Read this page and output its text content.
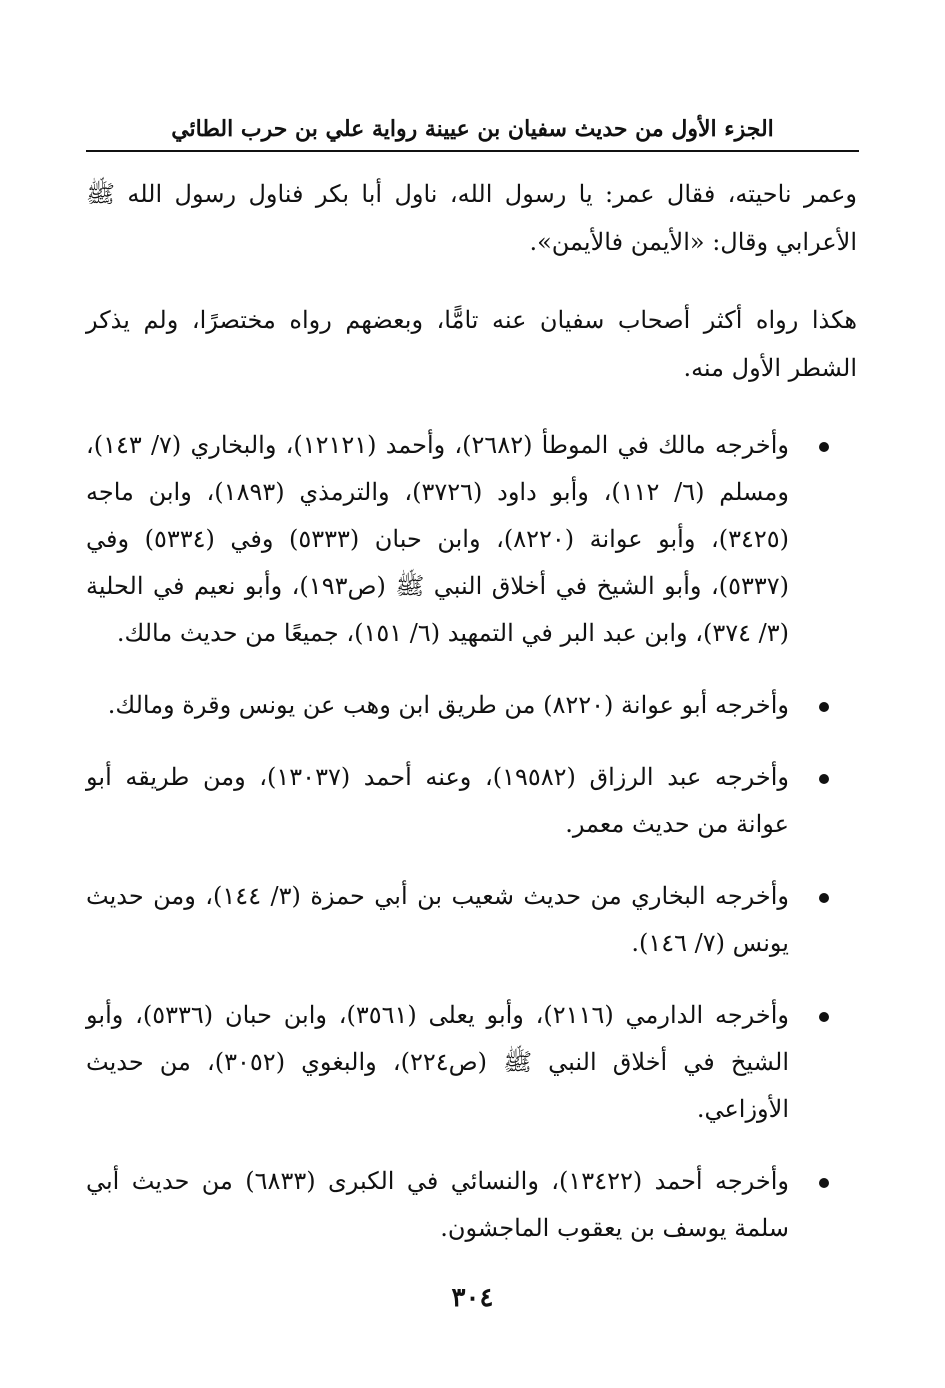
الجزء الأول من حديث سفيان بن عيينة رواية علي بن حرب الطائي

وعمر ناحيته، فقال عمر: يا رسول الله، ناول أبا بكر فناول رسول الله ﷺ الأعرابي وقال: «الأيمن فالأيمن».

هكذا رواه أكثر أصحاب سفيان عنه تامًّا، وبعضهم رواه مختصرًا، ولم يذكر الشطر الأول منه.

وأخرجه مالك في الموطأ (٢٦٨٢)، وأحمد (١٢١٢١)، والبخاري (٧/ ١٤٣)، ومسلم (٦/ ١١٢)، وأبو داود (٣٧٢٦)، والترمذي (١٨٩٣)، وابن ماجه (٣٤٢٥)، وأبو عوانة (٨٢٢٠)، وابن حبان (٥٣٣٣) وفي (٥٣٣٤) وفي (٥٣٣٧)، وأبو الشيخ في أخلاق النبي ﷺ (ص١٩٣)، وأبو نعيم في الحلية (٣/ ٣٧٤)، وابن عبد البر في التمهيد (٦/ ١٥١)، جميعًا من حديث مالك.
وأخرجه أبو عوانة (٨٢٢٠) من طريق ابن وهب عن يونس وقرة ومالك.
وأخرجه عبد الرزاق (١٩٥٨٢)، وعنه أحمد (١٣٠٣٧)، ومن طريقه أبو عوانة من حديث معمر.
وأخرجه البخاري من حديث شعيب بن أبي حمزة (٣/ ١٤٤)، ومن حديث يونس (٧/ ١٤٦).
وأخرجه الدارمي (٢١١٦)، وأبو يعلى (٣٥٦١)، وابن حبان (٥٣٣٦)، وأبو الشيخ في أخلاق النبي ﷺ (ص٢٢٤)، والبغوي (٣٠٥٢)، من حديث الأوزاعي.
وأخرجه أحمد (١٣٤٢٢)، والنسائي في الكبرى (٦٨٣٣) من حديث أبي سلمة يوسف بن يعقوب الماجشون.
٣٠٤
